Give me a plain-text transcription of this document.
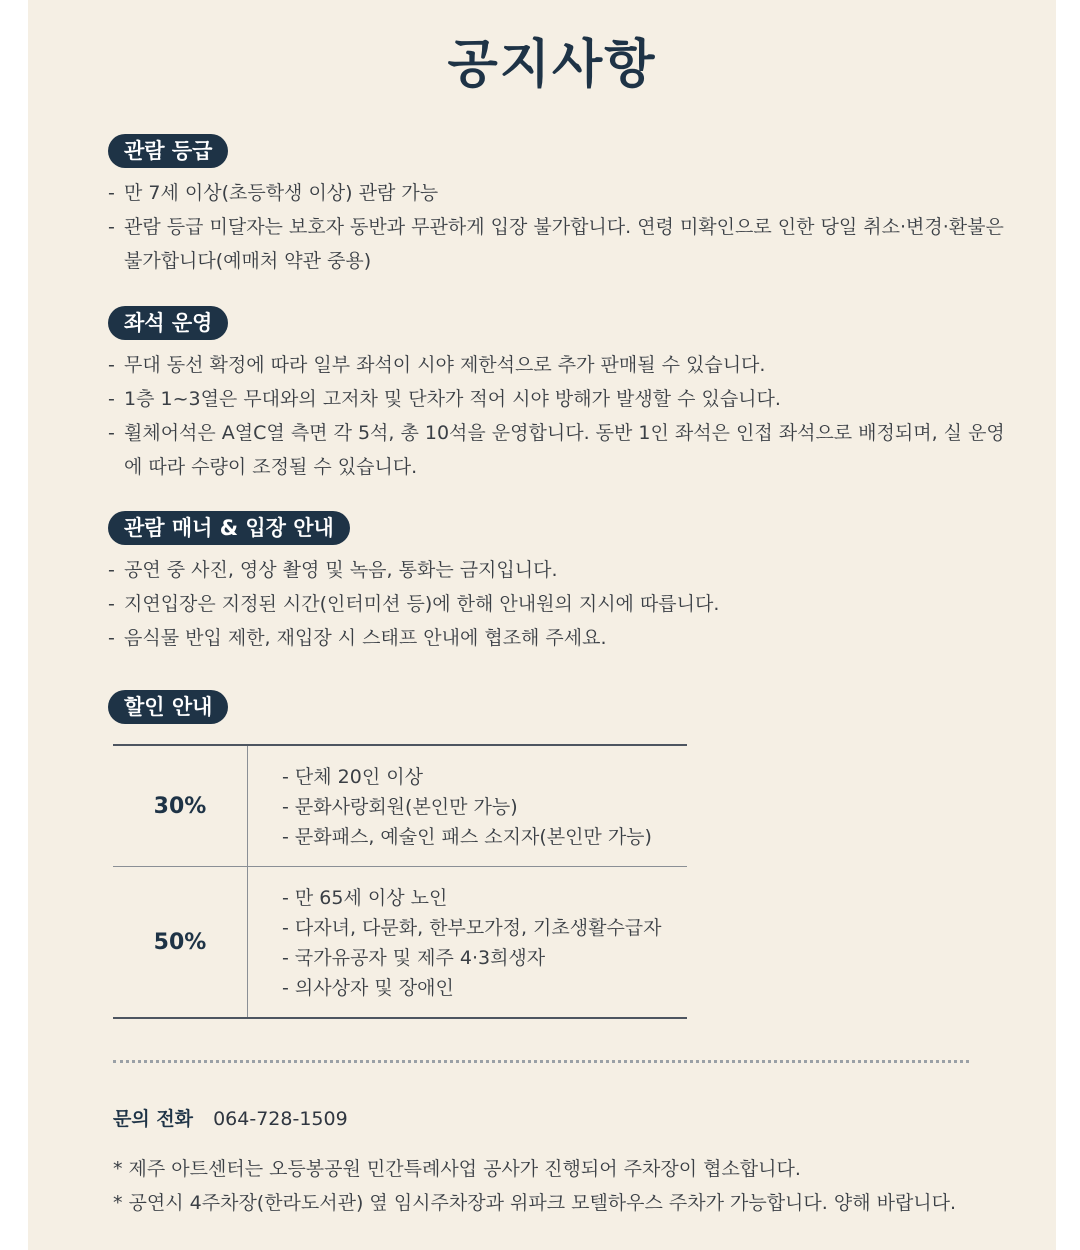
공지사항
관람 등급
- 만 7세 이상(초등학생 이상) 관람 가능
- 관람 등급 미달자는 보호자 동반과 무관하게 입장 불가합니다. 연령 미확인으로 인한 당일 취소·변경·환불은 불가합니다(예매처 약관 중용)
좌석 운영
- 무대 동선 확정에 따라 일부 좌석이 시야 제한석으로 추가 판매될 수 있습니다.
- 1층 1~3열은 무대와의 고저차 및 단차가 적어 시야 방해가 발생할 수 있습니다.
- 휠체어석은 A열C열 측면 각 5석, 총 10석을 운영합니다. 동반 1인 좌석은 인접 좌석으로 배정되며, 실 운영에 따라 수량이 조정될 수 있습니다.
관람 매너 & 입장 안내
- 공연 중 사진, 영상 촬영 및 녹음, 통화는 금지입니다.
- 지연입장은 지정된 시간(인터미션 등)에 한해 안내원의 지시에 따릅니다.
- 음식물 반입 제한, 재입장 시 스태프 안내에 협조해 주세요.
할인 안내
30%
- 단체 20인 이상
- 문화사랑회원(본인만 가능)
- 문화패스, 예술인 패스 소지자(본인만 가능)
50%
- 만 65세 이상 노인
- 다자녀, 다문화, 한부모가정, 기초생활수급자
- 국가유공자 및 제주 4·3희생자
- 의사상자 및 장애인
문의 전화 064-728-1509
* 제주 아트센터는 오등봉공원 민간특례사업 공사가 진행되어 주차장이 협소합니다.
* 공연시 4주차장(한라도서관) 옆 임시주차장과 위파크 모텔하우스 주차가 가능합니다. 양해 바랍니다.
